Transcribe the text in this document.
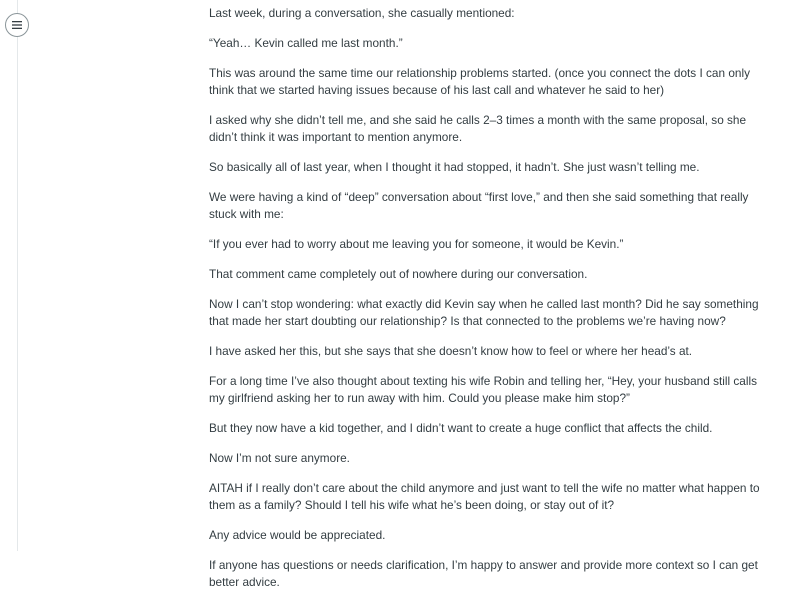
Last week, during a conversation, she casually mentioned:

“Yeah… Kevin called me last month.”

This was around the same time our relationship problems started. (once you connect the dots I can only think that we started having issues because of his last call and whatever he said to her)

I asked why she didn’t tell me, and she said he calls 2–3 times a month with the same proposal, so she didn’t think it was important to mention anymore.

So basically all of last year, when I thought it had stopped, it hadn’t. She just wasn’t telling me.

We were having a kind of “deep” conversation about “first love,” and then she said something that really stuck with me:

“If you ever had to worry about me leaving you for someone, it would be Kevin.”

That comment came completely out of nowhere during our conversation.

Now I can’t stop wondering: what exactly did Kevin say when he called last month? Did he say something that made her start doubting our relationship? Is that connected to the problems we’re having now?

I have asked her this, but she says that she doesn’t know how to feel or where her head’s at.

For a long time I’ve also thought about texting his wife Robin and telling her, “Hey, your husband still calls my girlfriend asking her to run away with him. Could you please make him stop?”

But they now have a kid together, and I didn’t want to create a huge conflict that affects the child.

Now I’m not sure anymore.

AITAH if I really don’t care about the child anymore and just want to tell the wife no matter what happen to them as a family? Should I tell his wife what he’s been doing, or stay out of it?

Any advice would be appreciated.

If anyone has questions or needs clarification, I’m happy to answer and provide more context so I can get better advice.
